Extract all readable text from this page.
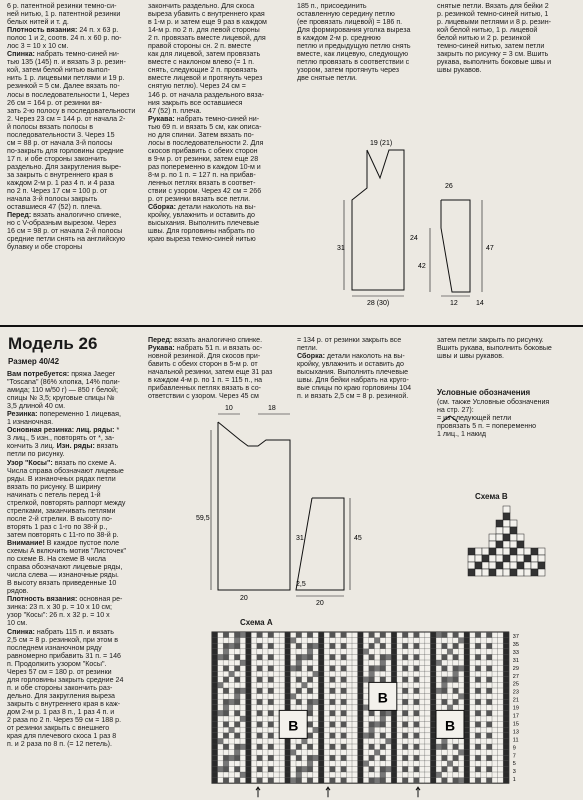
6 р. патентной резинки темно-си-
ней нитью, 1 р. патентной резинки
белых нитей и т. д.
Плотность вязания: 24 п. х 63 р.
полос 1 и 2, соотв. 24 п. х 60 р. по-
лос 3 = 10 х 10 см.
Спинка: набрать темно-синей ни-
тью 135 (145) п. и вязать 3 р. резин-
кой, затем белой нитью выпол-
нить 1 р. лицевыми петлями и 19 р.
резинкой = 5 см. Далее вязать по-
лосы в последовательности 1, Через
26 см = 164 р. от резинки вя-
зать 2-ю полосу в последовательности
2. Через 23 см = 144 р. от начала 2-
й полосы вязать полосы в
последовательности 3. Через 15
см = 88 р. от начала 3-й полосы
по-закрыть для горловины средние
17 п. и обе стороны закончить
раздельно. Для закругления выре-
за закрыть с внутреннего края в
каждом 2-м р. 1 раз 4 п. и 4 раза
по 2 п. Через 17 см = 100 р. от
начала 3-й полосы закрыть
оставшиеся 47 (52) п. плеча.
Перед: вязать аналогично спинке,
но с V-образным вырезом. Через
16 см = 98 р. от начала 2-й полосы
средние петли снять на английскую
булавку и обе стороны
закончить раздельно. Для скоса
выреза убавить с внутреннего края
в 1-м р. и затем еще 9 раз в каждом
14-м р. по 2 п. для левой стороны
2 п. провязать вместе лицевой, для
правой стороны сн. 2 п. вместе
как для лицевой, затем провязать
вместе с наклоном влево (= 1 п.
снять, следующие 2 п. провязать
вместе лицевой и протянуть через
снятую петлю). Через 24 см =
146 р. от начала раздельного вяза-
ния закрыть все оставшиеся
47 (52) п. плеча.
Рукава: набрать темно-синей ни-
тью 69 п. и вязать 5 см, как описа-
но для спинки. Затем вязать по-
лосы в последовательности 2. Для
скосов прибавить с обеих сторон
в 9-м р. от резинки, затем еще 28
раз попеременно в каждом 10-м и
8-м р. по 1 п. = 127 п. на прибав-
ленных петлях вязать в соответ-
ствии с узором. Через 42 см = 266
р. от резинки вязать все петли.
Сборка: детали наколоть на вы-
кройку, увлажнить и оставить до
высыхания. Выполнить плечевые
швы. Для горловины набрать по
краю выреза темно-синей нитью
185 п., присоединить
оставленную середину петлю
(ее провязать лицевой) = 186 п.
Для формирования уголка выреза
в каждом 2-м р. среднюю
петлю и предыдущую петлю снять
вместе, как лицевую, следующую
петлю провязать в соответствии с
узором, затем протянуть через
две снятые петли.
снятые петли. Вязать для бейки 2
р. резинкой темно-синей нитью, 1
р. лицевыми петлями и 8 р. резин-
кой белой нитью, 1 р. лицевой
белой нитью и 2 р. резинкой
темно-синей нитью, затем петли
закрыть по рисунку = 3 см. Вшить
рукава, выполнить боковые швы и
швы рукавов.
19 (21)
31
24
28 (30)
26
42
47
12	14
Модель 26
Размер 40/42
Вам потребуется: пряжа Jaeger
"Toscana" (86% хлопка, 14% поли-
амида; 110 м/50 г) — 850 г белой;
спицы № 3,5; круговые спицы №
3,5 длиной 40 см.
Резинка: попеременно 1 лицевая,
1 изнаночная.
Основная резинка: лиц. ряды: *
3 лиц., 5 изн., повторять от *, за-
кончить 3 лиц. Изн. ряды: вязать
петли по рисунку.
Узор "Косы": вязать по схеме А.
Числа справа обозначают лицевые
ряды. В изнаночных рядах петли
вязать по рисунку. В ширину
начинать с петель перед 1-й
стрелкой, повторять раппорт между
стрелками, заканчивать петлями
после 2-й стрелки. В высоту по-
вторять 1 раз с 1-го по 38-й р.,
затем повторять с 11-го по 38-й р.
Внимание! В каждое пустое поле
схемы А включить мотив "Листочек"
по схеме В. На схеме В числа
справа обозначают лицевые ряды,
числа слева — изнаночные ряды.
В высоту вязать приведенные 10
рядов.
Плотность вязания: основная ре-
зинка: 23 п. х 30 р. = 10 х 10 см;
узор "Косы": 26 п. х 32 р. = 10 х
10 см.
Спинка: набрать 115 п. и вязать
2,5 см = 8 р. резинкой, при этом в
последнем изнаночном ряду
равномерно прибавить 31 п. = 146
п. Продолжить узором "Косы".
Через 57 см = 180 р. от резинки
для горловины закрыть средние 24
п. и обе стороны закончить раз-
дельно. Для закругления выреза
закрыть с внутреннего края в каж-
дом 2-м р. 1 раз 8 п., 1 раз 4 п. и
2 раза по 2 п. Через 59 см = 188 р.
от резинки закрыть с внешнего
края для плечевого скоса 1 раз 8
п. и 2 раза по 8 п. (= 12 петель).
Перед: вязать аналогично спинке.
Рукава: набрать 51 п. и вязать ос-
новной резинкой. Для скосов при-
бавить с обеих сторон в 5-м р. от
начальной резинки, затем еще 31 раз
в каждом 4-м р. по 1 п. = 115 п., на
прибавленных петлях вязать в со-
ответствии с узором. Через 45 см
= 134 р. от резинки закрыть все
петли.
Сборка: детали наколоть на вы-
кройку, увлажнить и оставить до
высыхания. Выполнить плечевые
швы. Для бейки набрать на круго-
вые спицы по краю горловины 104
п. и вязать 2,5 см = 8 р. резинкой.
затем петли закрыть по рисунку.
Вшить рукава, выполнить боковые
швы и швы рукавов.
Условные обозначения
(см. также Условные обозначения
на стр. 27):
= из следующей петли
провязать 5 п. = попеременно
1 лиц., 1 накид
10	18
59,5
31
2,5
45
20
20
Схема В
Схема А
В
В
В
37
35
33
31
29
27
25
23
21
19
17
15
13
11
9
7
5
3
1
